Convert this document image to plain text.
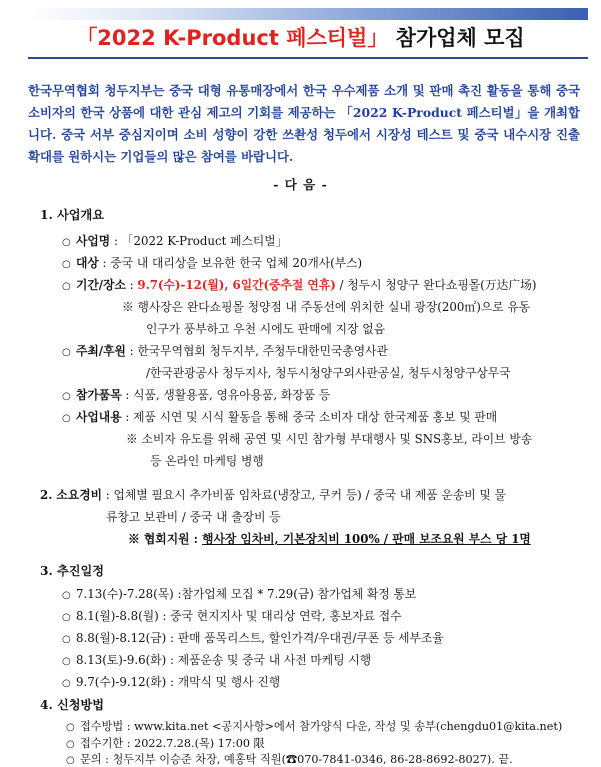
「2022 K-Product 페스티벌」 참가업체 모집

한국무역협회 청두지부는 중국 대형 유통매장에서 한국 우수제품 소개 및 판매 촉진 활동을 통해 중국 소비자의 한국 상품에 대한 관심 제고의 기회를 제공하는 「2022 K-Product 페스티벌」을 개최합니다. 중국 서부 중심지이며 소비 성향이 강한 쓰촨성 청두에서 시장성 테스트 및 중국 내수시장 진출 확대를 원하시는 기업들의 많은 참여를 바랍니다.

- 다 음 -
1. 사업개요
○ 사업명 : 「2022 K-Product 페스티벌」
○ 대상 : 중국 내 대리상을 보유한 한국 업체 20개사(부스)
○ 기간/장소 : 9.7(수)-12(월), 6일간(중추절 연휴) / 청두시 청양구 완다쇼핑몰(万达广场)
※ 행사장은 완다쇼핑몰 청양점 내 주동선에 위치한 실내 광장(200㎡)으로 유동
인구가 풍부하고 우천 시에도 판매에 지장 없음
○ 주최/후원 : 한국무역협회 청두지부, 주청두대한민국총영사관
/한국관광공사 청두지사, 청두시청양구외사판공실, 청두시청양구상무국
○ 참가품목 : 식품, 생활용품, 영유아용품, 화장품 등
○ 사업내용 : 제품 시연 및 시식 활동을 통해 중국 소비자 대상 한국제품 홍보 및 판매
※ 소비자 유도를 위해 공연 및 시민 참가형 부대행사 및 SNS홍보, 라이브 방송
등 온라인 마케팅 병행
2. 소요경비 : 업체별 필요시 추가비품 임차료(냉장고, 쿠커 등) / 중국 내 제품 운송비 및 물
류창고 보관비 / 중국 내 출장비 등
※ 협회지원 : 행사장 임차비, 기본장치비 100% / 판매 보조요원 부스 당 1명
3. 추진일정
○ 7.13(수)-7.28(목) :참가업체 모집 * 7.29(금) 참가업체 확정 통보
○ 8.1(월)-8.8(월) : 중국 현지지사 및 대리상 연락, 홍보자료 접수
○ 8.8(월)-8.12(금) : 판매 품목리스트, 할인가격/우대권/쿠폰 등 세부조율
○ 8.13(토)-9.6(화) : 제품운송 및 중국 내 사전 마케팅 시행
○ 9.7(수)-9.12(화) : 개막식 및 행사 진행
4. 신청방법
○ 접수방법 : www.kita.net <공지사항>에서 참가양식 다운, 작성 및 송부(chengdu01@kita.net)
○ 접수기한 : 2022.7.28.(목) 17:00 限
○ 문의 : 청두지부 이승준 차장, 예홍탁 직원(☎070-7841-0346, 86-28-8692-8027). 끝.
